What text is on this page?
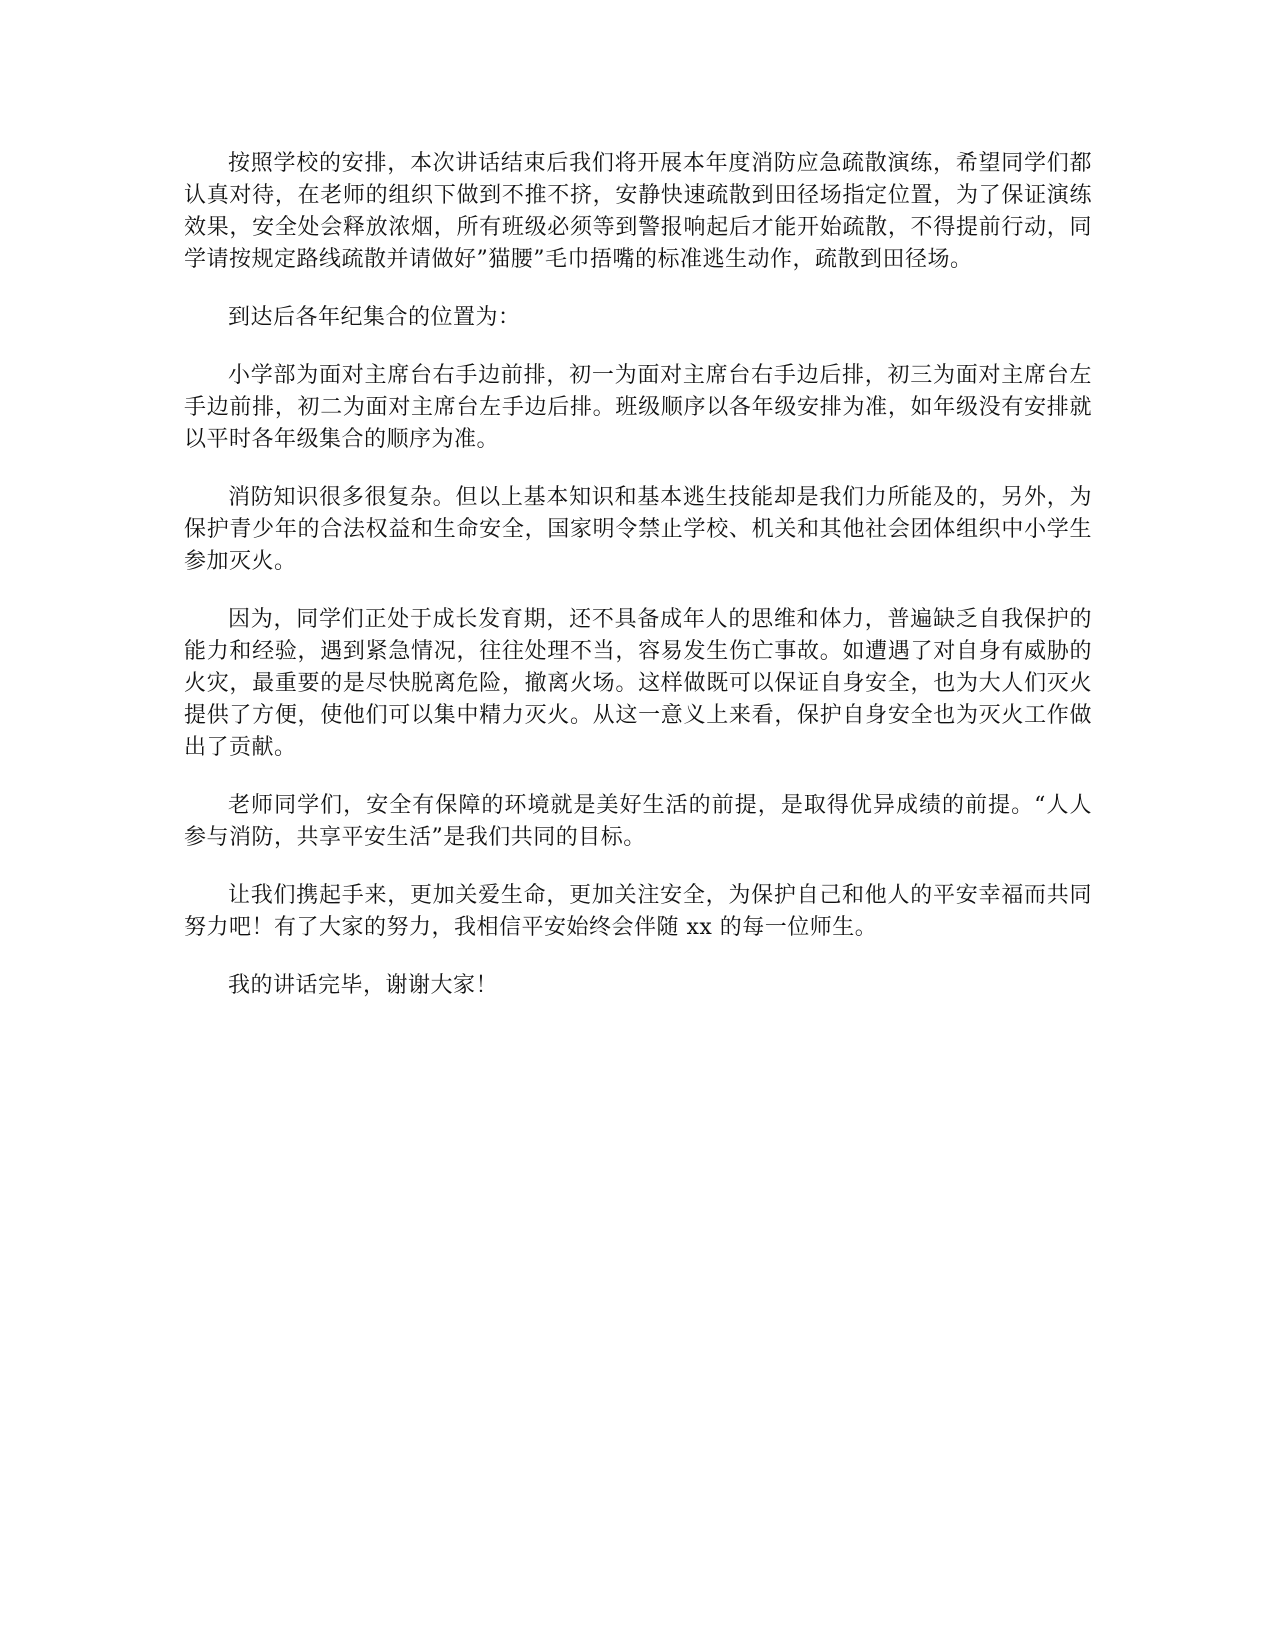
按照学校的安排，本次讲话结束后我们将开展本年度消防应急疏散演练，希望同学们都认真对待，在老师的组织下做到不推不挤，安静快速疏散到田径场指定位置，为了保证演练效果，安全处会释放浓烟，所有班级必须等到警报响起后才能开始疏散，不得提前行动，同学请按规定路线疏散并请做好”猫腰”毛巾捂嘴的标准逃生动作，疏散到田径场。

到达后各年纪集合的位置为：

小学部为面对主席台右手边前排，初一为面对主席台右手边后排，初三为面对主席台左手边前排，初二为面对主席台左手边后排。班级顺序以各年级安排为准，如年级没有安排就以平时各年级集合的顺序为准。

消防知识很多很复杂。但以上基本知识和基本逃生技能却是我们力所能及的，另外，为保护青少年的合法权益和生命安全，国家明令禁止学校、机关和其他社会团体组织中小学生参加灭火。

因为，同学们正处于成长发育期，还不具备成年人的思维和体力，普遍缺乏自我保护的能力和经验，遇到紧急情况，往往处理不当，容易发生伤亡事故。如遭遇了对自身有威胁的火灾，最重要的是尽快脱离危险，撤离火场。这样做既可以保证自身安全，也为大人们灭火提供了方便，使他们可以集中精力灭火。从这一意义上来看，保护自身安全也为灭火工作做出了贡献。

老师同学们，安全有保障的环境就是美好生活的前提，是取得优异成绩的前提。“人人参与消防，共享平安生活”是我们共同的目标。

让我们携起手来，更加关爱生命，更加关注安全，为保护自己和他人的平安幸福而共同努力吧！有了大家的努力，我相信平安始终会伴随 xx 的每一位师生。

我的讲话完毕，谢谢大家！
